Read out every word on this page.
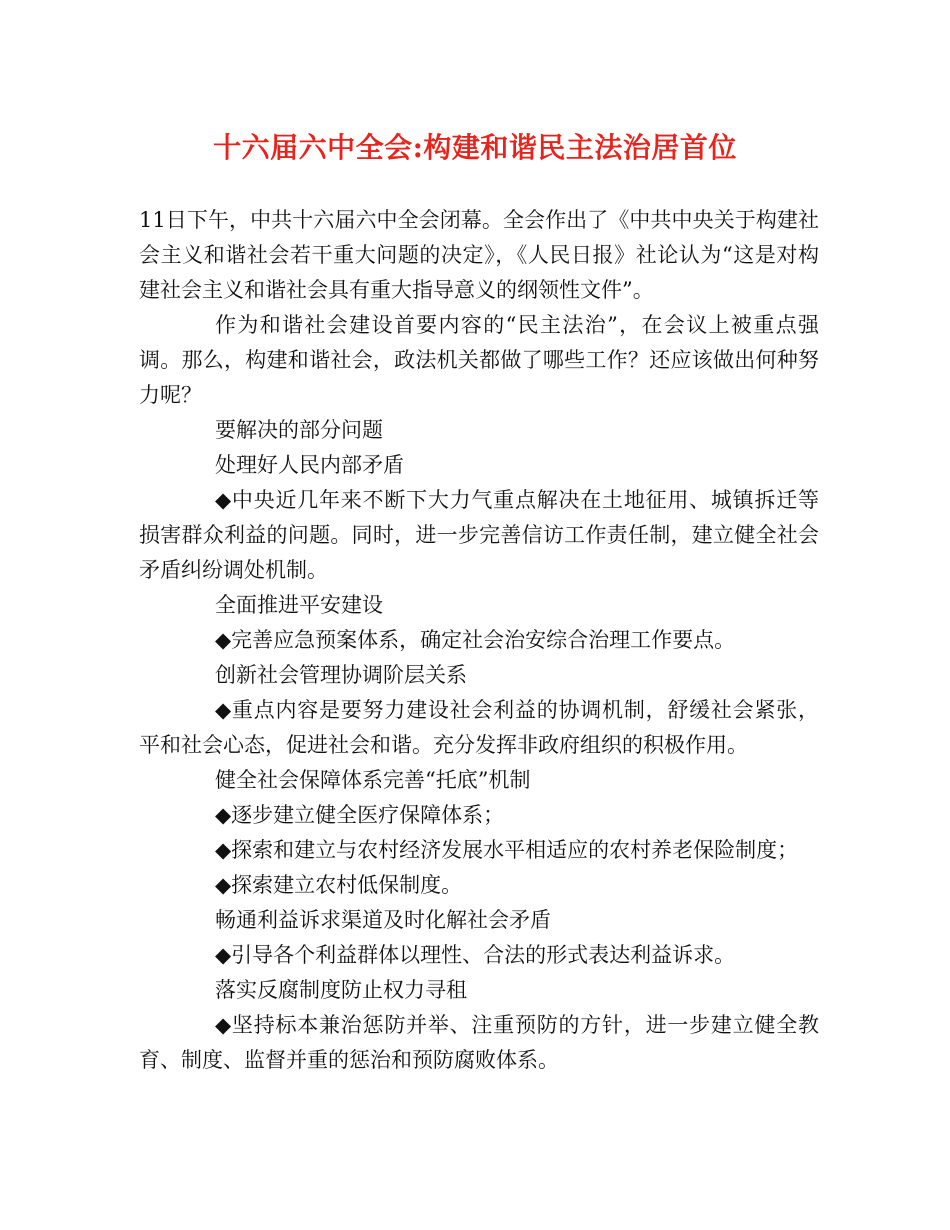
十六届六中全会:构建和谐民主法治居首位

11日下午，中共十六届六中全会闭幕。全会作出了《中共中央关于构建社会主义和谐社会若干重大问题的决定》，《人民日报》社论认为“这是对构建社会主义和谐社会具有重大指导意义的纲领性文件”。

作为和谐社会建设首要内容的“民主法治”，在会议上被重点强调。那么，构建和谐社会，政法机关都做了哪些工作？还应该做出何种努力呢？

要解决的部分问题

处理好人民内部矛盾

◆中央近几年来不断下大力气重点解决在土地征用、城镇拆迁等损害群众利益的问题。同时，进一步完善信访工作责任制，建立健全社会矛盾纠纷调处机制。

全面推进平安建设

◆完善应急预案体系，确定社会治安综合治理工作要点。

创新社会管理协调阶层关系

◆重点内容是要努力建设社会利益的协调机制，舒缓社会紧张，平和社会心态，促进社会和谐。充分发挥非政府组织的积极作用。

健全社会保障体系完善“托底”机制

◆逐步建立健全医疗保障体系；

◆探索和建立与农村经济发展水平相适应的农村养老保险制度；

◆探索建立农村低保制度。

畅通利益诉求渠道及时化解社会矛盾

◆引导各个利益群体以理性、合法的形式表达利益诉求。

落实反腐制度防止权力寻租

◆坚持标本兼治惩防并举、注重预防的方针，进一步建立健全教育、制度、监督并重的惩治和预防腐败体系。
